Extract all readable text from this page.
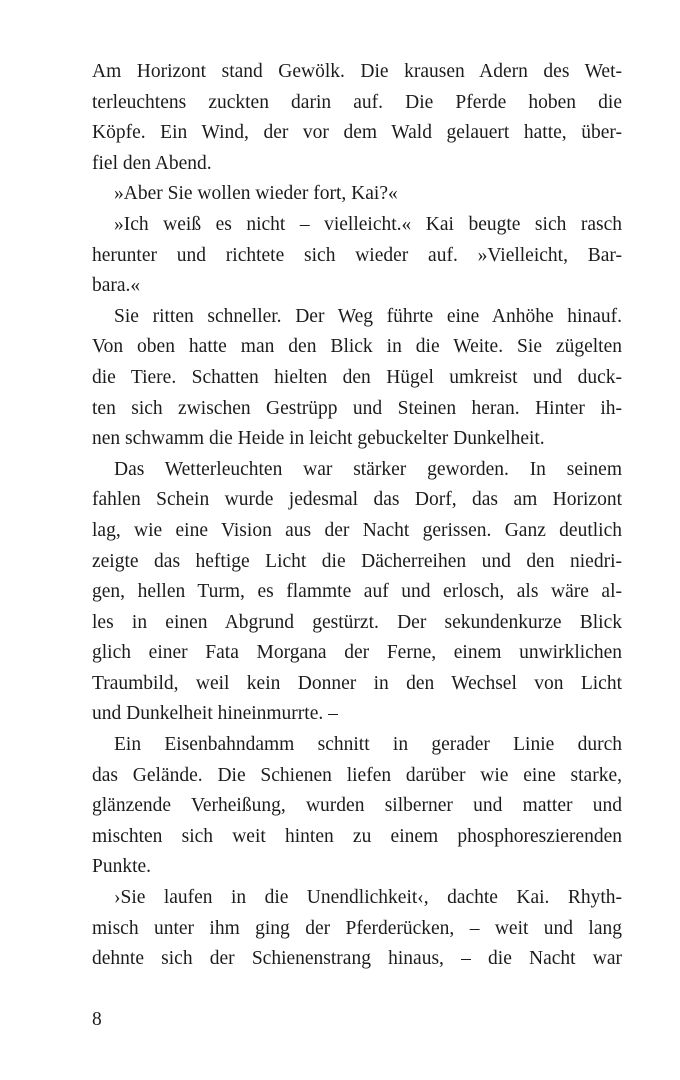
Am Horizont stand Gewölk. Die krausen Adern des Wet-
terleuchtens zuckten darin auf. Die Pferde hoben die
Köpfe. Ein Wind, der vor dem Wald gelauert hatte, über-
fiel den Abend.
»Aber Sie wollen wieder fort, Kai?«
»Ich weiß es nicht – vielleicht.« Kai beugte sich rasch
herunter und richtete sich wieder auf. »Vielleicht, Bar-
bara.«
Sie ritten schneller. Der Weg führte eine Anhöhe hinauf.
Von oben hatte man den Blick in die Weite. Sie zügelten
die Tiere. Schatten hielten den Hügel umkreist und duck-
ten sich zwischen Gestrüpp und Steinen heran. Hinter ih-
nen schwamm die Heide in leicht gebuckelter Dunkelheit.
Das Wetterleuchten war stärker geworden. In seinem
fahlen Schein wurde jedesmal das Dorf, das am Horizont
lag, wie eine Vision aus der Nacht gerissen. Ganz deutlich
zeigte das heftige Licht die Dächerreihen und den niedri-
gen, hellen Turm, es flammte auf und erlosch, als wäre al-
les in einen Abgrund gestürzt. Der sekundenkurze Blick
glich einer Fata Morgana der Ferne, einem unwirklichen
Traumbild, weil kein Donner in den Wechsel von Licht
und Dunkelheit hineinmurrte. –
Ein Eisenbahndamm schnitt in gerader Linie durch
das Gelände. Die Schienen liefen darüber wie eine starke,
glänzende Verheißung, wurden silberner und matter und
mischten sich weit hinten zu einem phosphoreszierenden
Punkte.
›Sie laufen in die Unendlichkeit‹, dachte Kai. Rhyth-
misch unter ihm ging der Pferderücken, – weit und lang
dehnte sich der Schienenstrang hinaus, – die Nacht war
8
